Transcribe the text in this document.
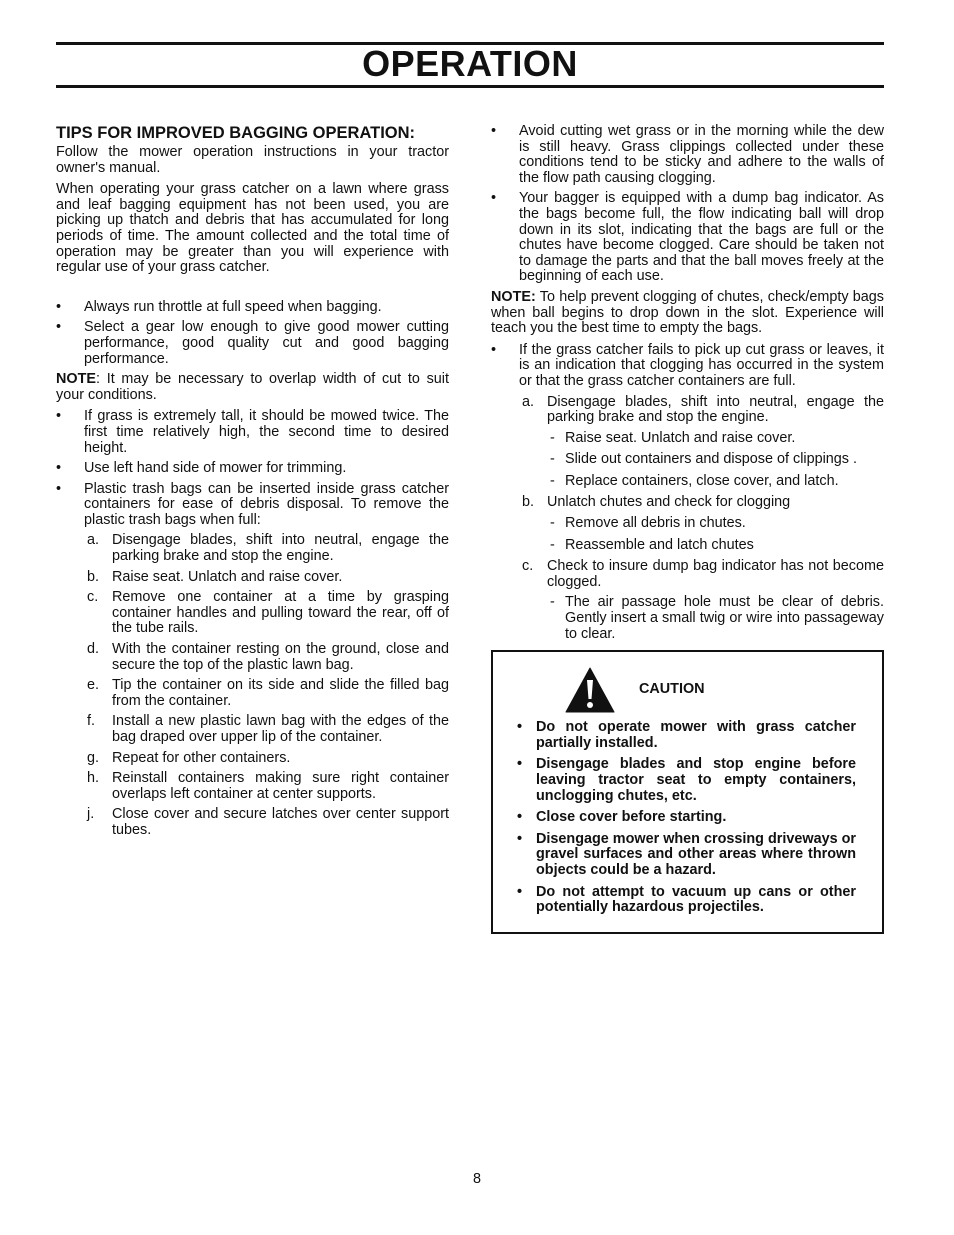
OPERATION
TIPS FOR IMPROVED BAGGING OPERATION:

Follow the mower operation instructions in your tractor owner's manual.

When operating your grass catcher on a lawn where grass and leaf bagging equipment has not been used, you are picking up thatch and debris that has accumulated for long periods of time. The amount collected and the total time of operation may be greater than you will experience with regular use of your grass catcher.

• Always run throttle at full speed when bagging.
• Select a gear low enough to give good mower cutting performance, good quality cut and good bagging performance.

NOTE: It may be necessary to overlap width of cut to suit your conditions.

• If grass is extremely tall, it should be mowed twice. The first time relatively high, the second time to desired height.
• Use left hand side of mower for trimming.
• Plastic trash bags can be inserted inside grass catcher containers for ease of debris disposal. To remove the plastic trash bags when full:
a. Disengage blades, shift into neutral, engage the parking brake and stop the engine.
b. Raise seat. Unlatch and raise cover.
c. Remove one container at a time by grasping container handles and pulling toward the rear, off of the tube rails.
d. With the container resting on the ground, close and secure the top of the plastic lawn bag.
e. Tip the container on its side and slide the filled bag from the container.
f. Install a new plastic lawn bag with the edges of the bag draped over upper lip of the container.
g. Repeat for other containers.
h. Reinstall containers making sure right container overlaps left container at center supports.
j. Close cover and secure latches over center support tubes.
• Avoid cutting wet grass or in the morning while the dew is still heavy. Grass clippings collected under these conditions tend to be sticky and adhere to the walls of the flow path causing clogging.
• Your bagger is equipped with a dump bag indicator. As the bags become full, the flow indicating ball will drop down in its slot, indicating that the bags are full or the chutes have become clogged. Care should be taken not to damage the parts and that the ball moves freely at the beginning of each use.

NOTE: To help prevent clogging of chutes, check/empty bags when ball begins to drop down in the slot. Experience will teach you the best time to empty the bags.

• If the grass catcher fails to pick up cut grass or leaves, it is an indication that clogging has occurred in the system or that the grass catcher containers are full.
a. Disengage blades, shift into neutral, engage the parking brake and stop the engine.
- Raise seat. Unlatch and raise cover.
- Slide out containers and dispose of clippings .
- Replace containers, close cover, and latch.
b. Unlatch chutes and check for clogging
- Remove all debris in chutes.
- Reassemble and latch chutes
c. Check to insure dump bag indicator has not become clogged.
- The air passage hole must be clear of debris. Gently insert a small twig or wire into passageway to clear.
CAUTION
• Do not operate mower with grass catcher partially installed.
• Disengage blades and stop engine before leaving tractor seat to empty containers, unclogging chutes, etc.
• Close cover before starting.
• Disengage mower when crossing driveways or gravel surfaces and other areas where thrown objects could be a hazard.
• Do not attempt to vacuum up cans or other potentially hazardous projectiles.

8
